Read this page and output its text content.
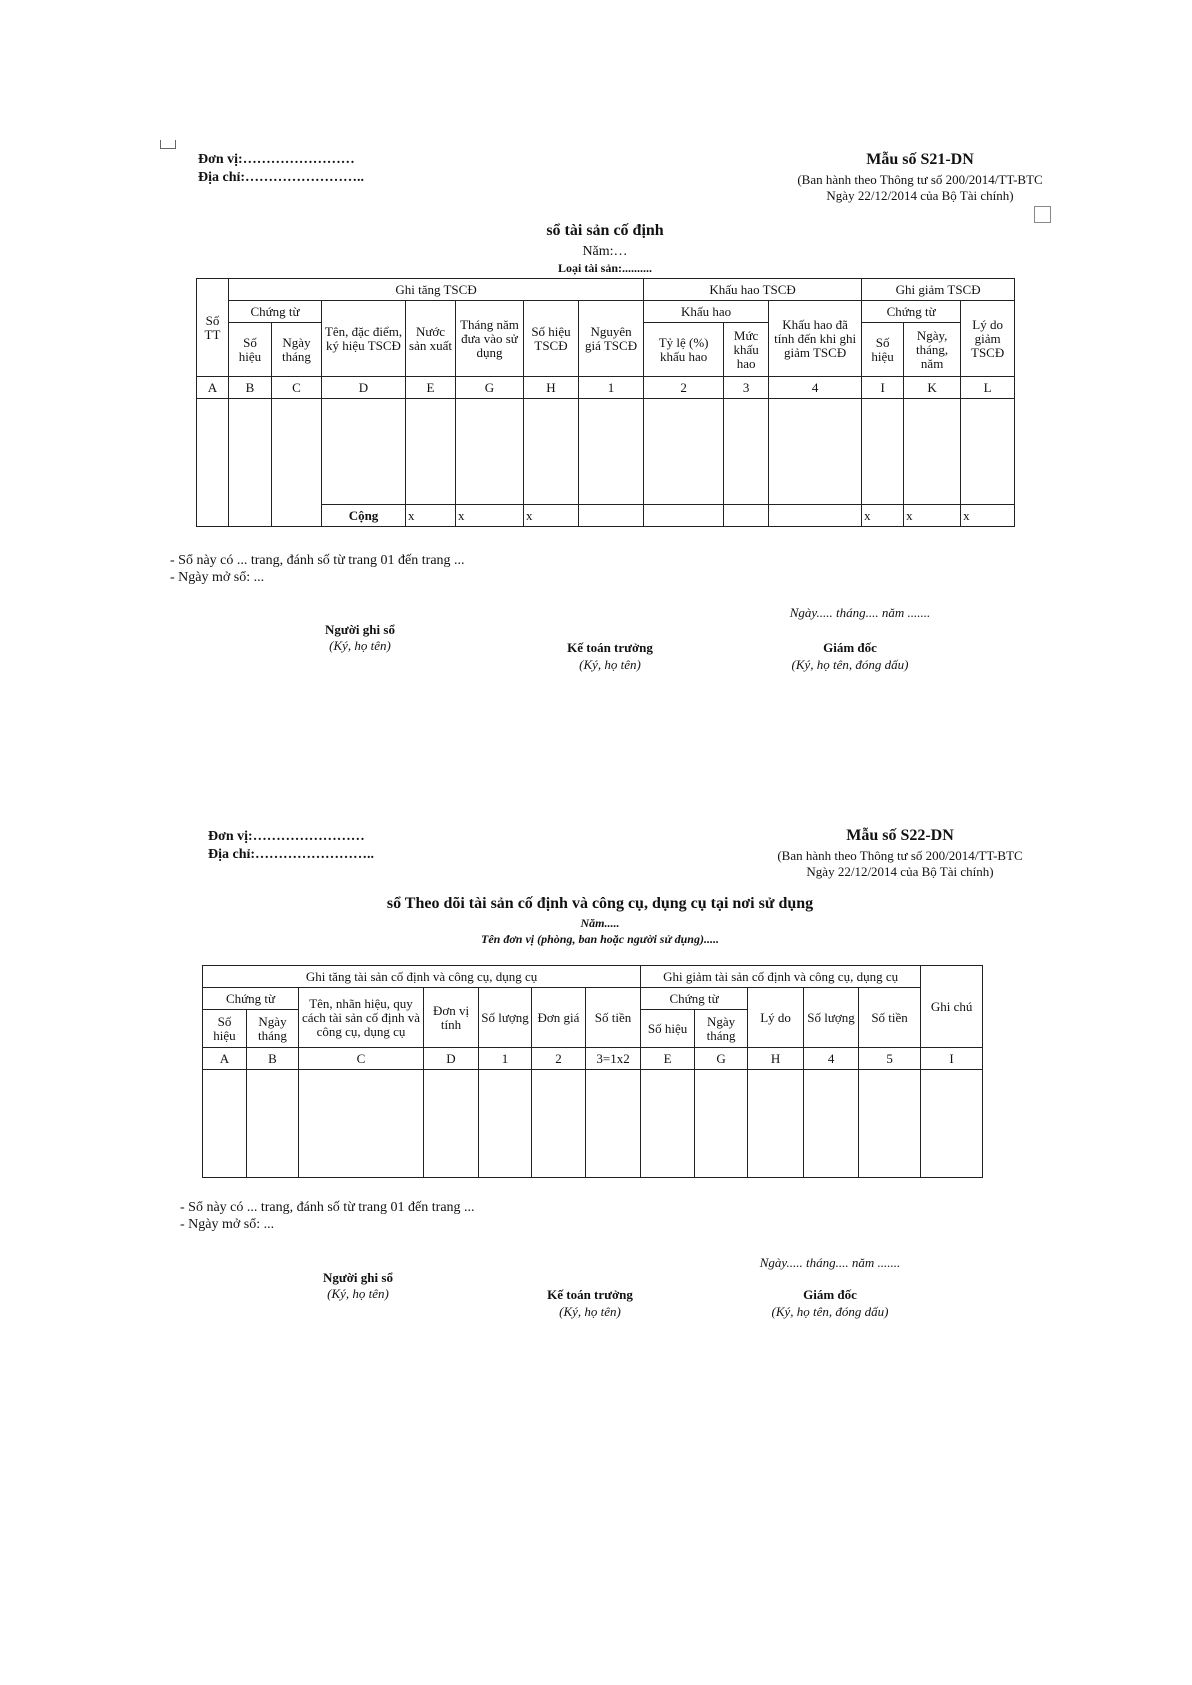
Đơn vị:……………………
Địa chỉ:……………………..
Mẫu số S21-DN
(Ban hành theo Thông tư số 200/2014/TT-BTC
Ngày 22/12/2014 của Bộ Tài chính)
sổ tài sản cố định
Năm:…
Loại tài sản:..........
Số TT	Ghi tăng TSCĐ							Khấu hao TSCĐ			Ghi giảm TSCĐ		
	Chứng từ		Tên, đặc điểm, ký hiệu TSCĐ	Nước sản xuất	Tháng năm đưa vào sử dụng	Số hiệu TSCĐ	Nguyên giá TSCĐ	Khấu hao		Khấu hao đã tính đến khi ghi giảm TSCĐ	Chứng từ		Lý do giảm TSCĐ
	Số hiệu	Ngày tháng						Tỷ lệ (%) khấu hao	Mức khấu hao		Số hiệu	Ngày, tháng, năm	
A	B	C	D	E	G	H	1	2	3	4	I	K	L

			Cộng	x	x	x					x	x	x
- Sổ này có ... trang, đánh số từ trang 01 đến trang ...
- Ngày mở sổ: ...
Ngày..... tháng.... năm .......
Người ghi sổ
(Ký, họ tên)	Kế toán trưởng
(Ký, họ tên)
Giám đốc
(Ký, họ tên, đóng dấu)
Đơn vị:……………………
Địa chỉ:……………………..
Mẫu số S22-DN
(Ban hành theo Thông tư số 200/2014/TT-BTC
Ngày 22/12/2014 của Bộ Tài chính)
sổ Theo dõi tài sản cố định và công cụ, dụng cụ tại nơi sử dụng
Năm.....
Tên đơn vị (phòng, ban hoặc người sử dụng).....
Ghi tăng tài sản cố định và công cụ, dụng cụ							Ghi giảm tài sản cố định và công cụ, dụng cụ					Ghi chú
Chứng từ		Tên, nhãn hiệu, quy cách tài sản cố định và công cụ, dụng cụ	Đơn vị tính	Số lượng	Đơn giá	Số tiền	Chứng từ		Lý do	Số lượng	Số tiền	
Số hiệu	Ngày tháng						Số hiệu	Ngày tháng				
A	B	C	D	1	2	3=1x2	E	G	H	4	5	I

- Sổ này có ... trang, đánh số từ trang 01 đến trang ...
- Ngày mở sổ: ...
Ngày..... tháng.... năm .......
Người ghi sổ
(Ký, họ tên)	Kế toán trưởng
(Ký, họ tên)
Giám đốc
(Ký, họ tên, đóng dấu)
